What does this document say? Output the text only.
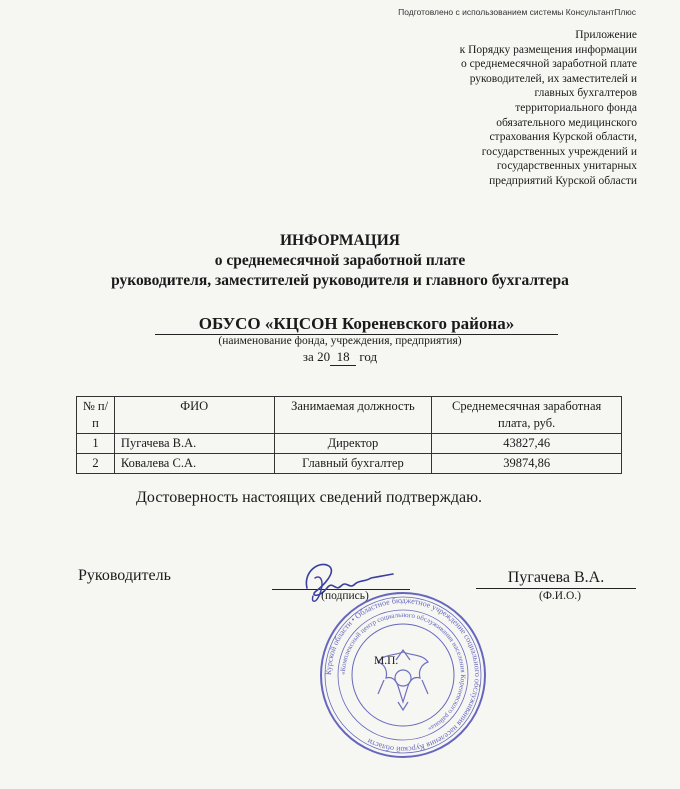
Подготовлено с использованием системы КонсультантПлюс
Приложение
к Порядку размещения информации
о среднемесячной заработной плате
руководителей, их заместителей и
главных бухгалтеров
территориального фонда
обязательного медицинского
страхования Курской области,
государственных учреждений и
государственных унитарных
предприятий Курской области
ИНФОРМАЦИЯ
о среднемесячной заработной плате
руководителя, заместителей руководителя и главного бухгалтера
ОБУСО «КЦСОН Кореневского района»
(наименование фонда, учреждения, предприятия)
за 20 18 год
№ п/п	ФИО	Занимаемая должность	Среднемесячная заработная плата, руб.
1	Пугачева В.А.	Директор	43827,46
2	Ковалева С.А.	Главный бухгалтер	39874,86
Достоверность настоящих сведений подтверждаю.
Руководитель
Курской области • Областное бюджетное учреждение социального обслуживания населения Курской области
«Комплексный центр социального обслуживания населения Кореневского района»
М.П.
(подпись)
Пугачева В.А.
(Ф.И.О.)
